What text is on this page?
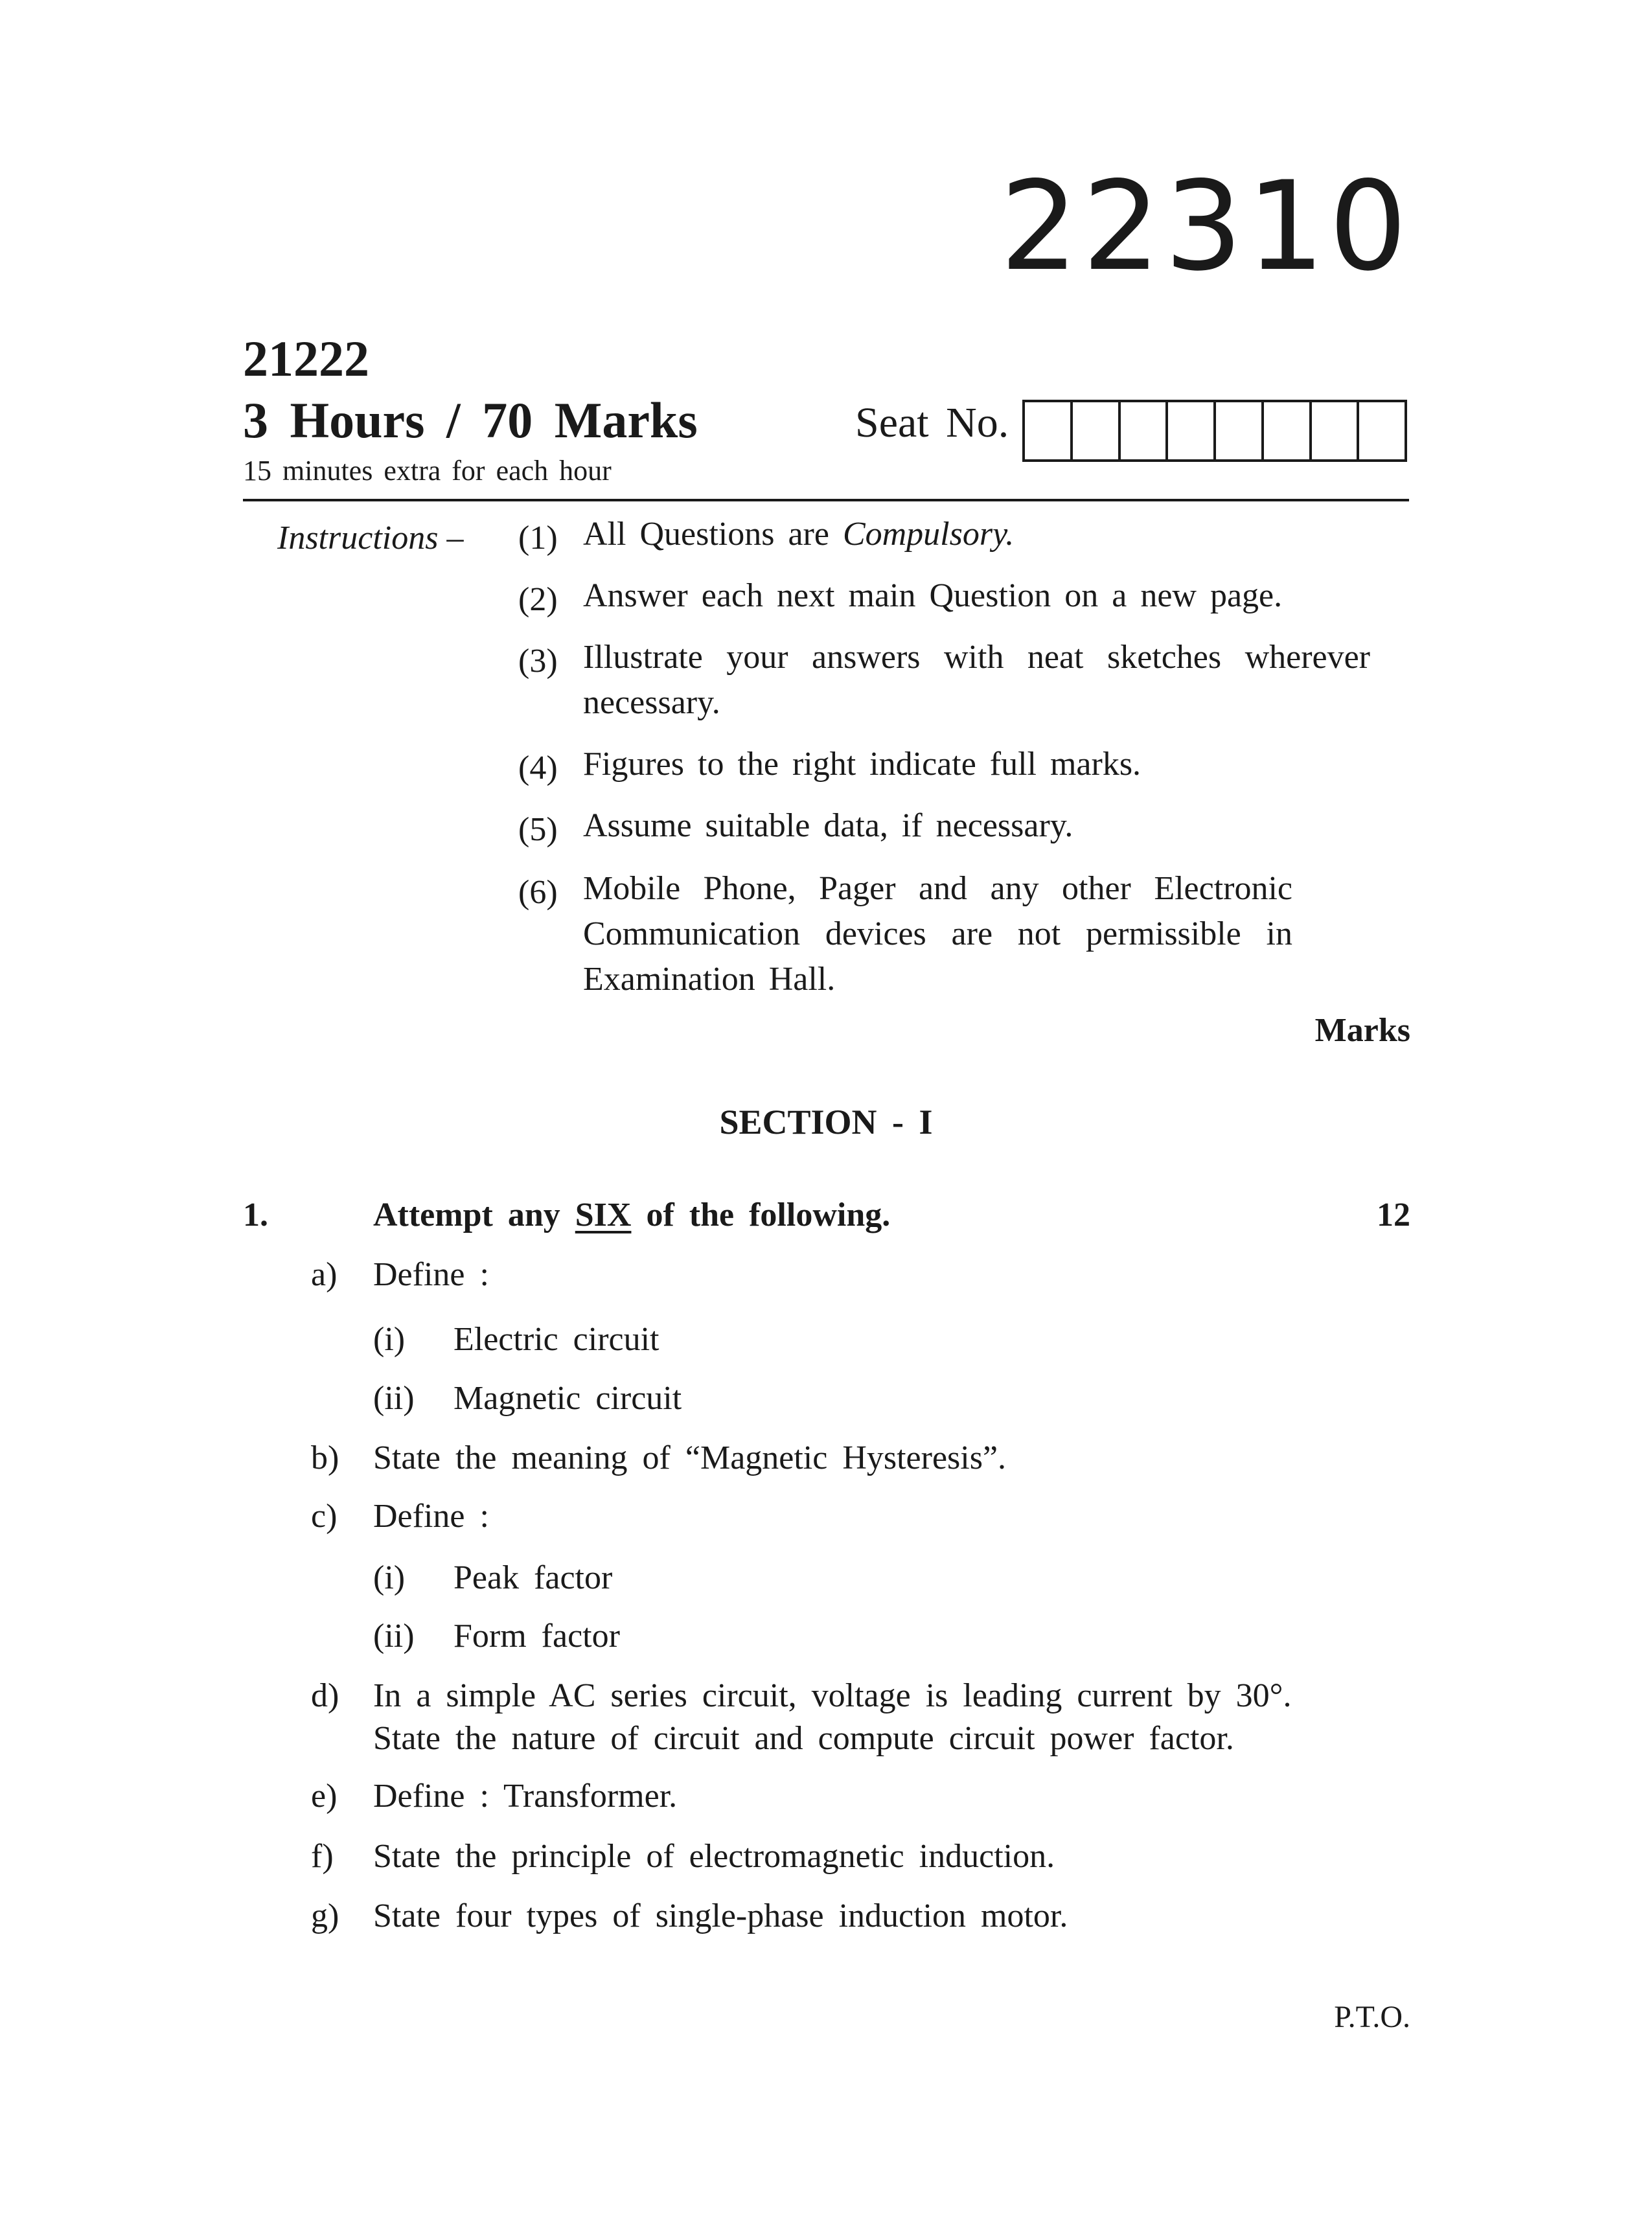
22310
21222
3 Hours / 70 Marks
15 minutes extra for each hour
Seat No.
Instructions – (1) All Questions are Compulsory.
(2) Answer each next main Question on a new page.
(3) Illustrate your answers with neat sketches wherever necessary.
(4) Figures to the right indicate full marks.
(5) Assume suitable data, if necessary.
(6) Mobile Phone, Pager and any other Electronic Communication devices are not permissible in Examination Hall.
Marks
SECTION - I
1.	Attempt any SIX of the following.	12
a) Define :
(i) Electric circuit
(ii) Magnetic circuit
b) State the meaning of “Magnetic Hysteresis”.
c) Define :
(i) Peak factor
(ii) Form factor
d) In a simple AC series circuit, voltage is leading current by 30°.
State the nature of circuit and compute circuit power factor.
e) Define : Transformer.
f) State the principle of electromagnetic induction.
g) State four types of single-phase induction motor.
P.T.O.
